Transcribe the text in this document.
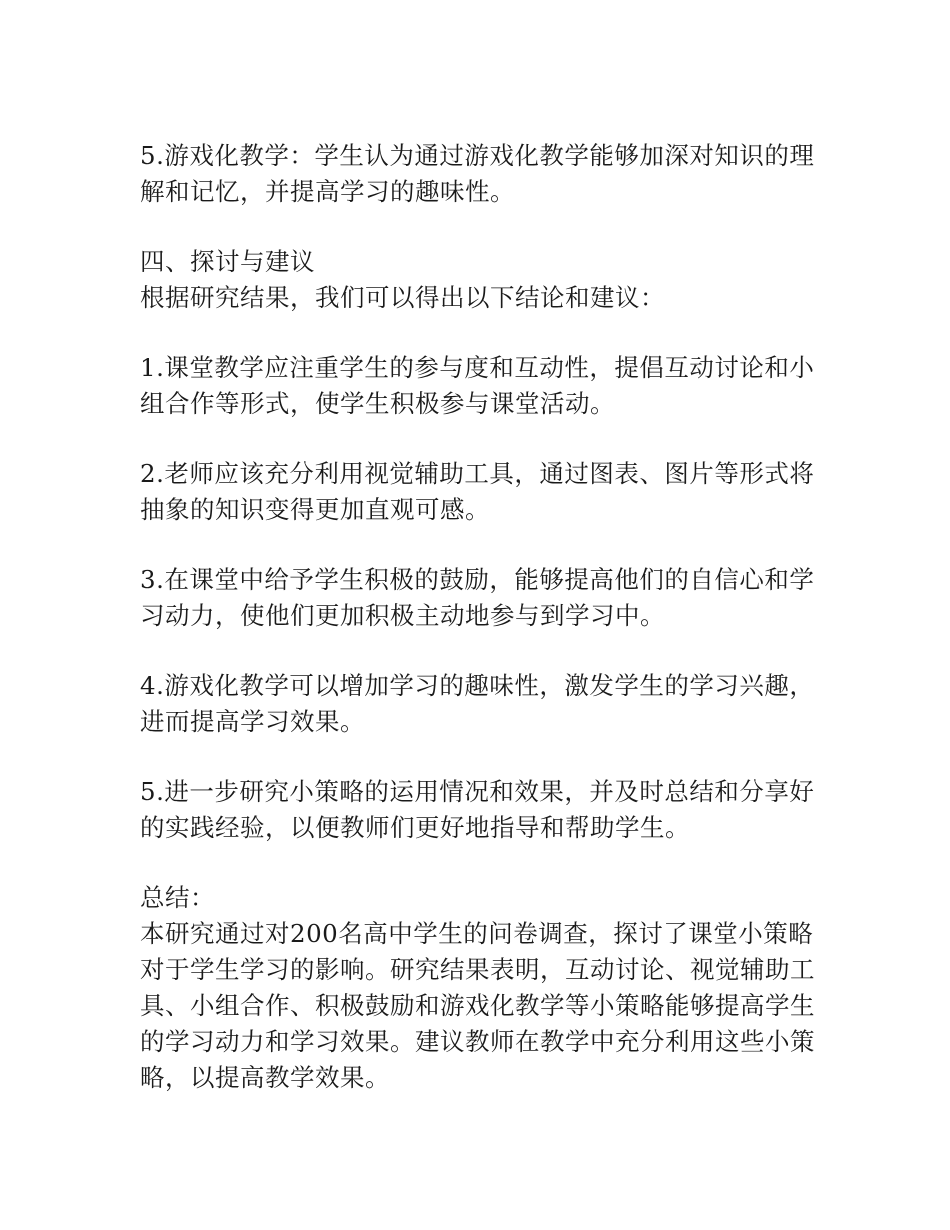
5.游戏化教学：学生认为通过游戏化教学能够加深对知识的理解和记忆，并提高学习的趣味性。

四、探讨与建议

根据研究结果，我们可以得出以下结论和建议：

1.课堂教学应注重学生的参与度和互动性，提倡互动讨论和小组合作等形式，使学生积极参与课堂活动。

2.老师应该充分利用视觉辅助工具，通过图表、图片等形式将抽象的知识变得更加直观可感。

3.在课堂中给予学生积极的鼓励，能够提高他们的自信心和学习动力，使他们更加积极主动地参与到学习中。

4.游戏化教学可以增加学习的趣味性，激发学生的学习兴趣，进而提高学习效果。

5.进一步研究小策略的运用情况和效果，并及时总结和分享好的实践经验，以便教师们更好地指导和帮助学生。

总结：

本研究通过对200名高中学生的问卷调查，探讨了课堂小策略对于学生学习的影响。研究结果表明，互动讨论、视觉辅助工具、小组合作、积极鼓励和游戏化教学等小策略能够提高学生的学习动力和学习效果。建议教师在教学中充分利用这些小策略，以提高教学效果。
